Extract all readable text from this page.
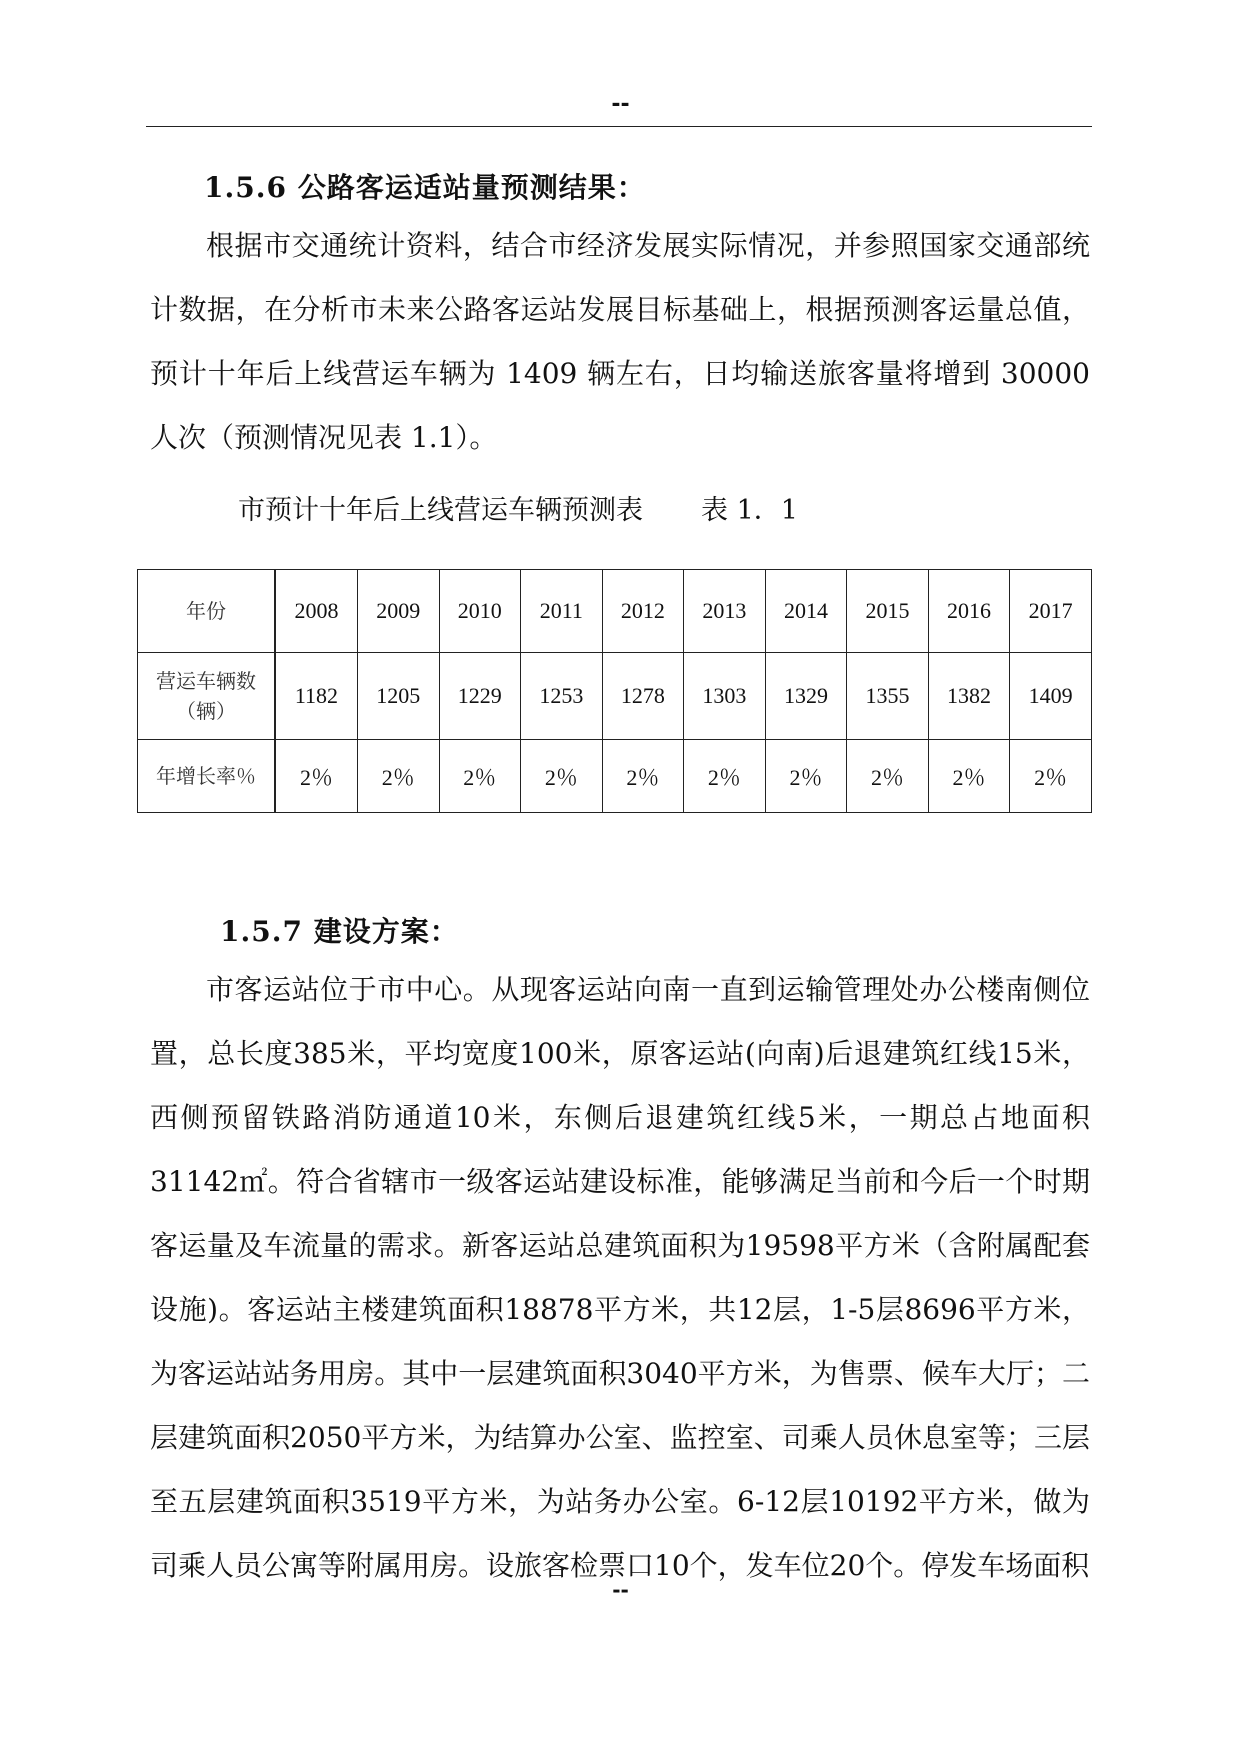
--
1.5.6 公路客运适站量预测结果：
根据市交通统计资料，结合市经济发展实际情况，并参照国家交通部统计数据，在分析市未来公路客运站发展目标基础上，根据预测客运量总值，预计十年后上线营运车辆为 1409 辆左右，日均输送旅客量将增到 30000 人次（预测情况见表 1.1）。
市预计十年后上线营运车辆预测表 表 1．1
年份	2008	2009	2010	2011	2012	2013	2014	2015	2016	2017
营运车辆数（辆）	1182	1205	1229	1253	1278	1303	1329	1355	1382	1409
年增长率％	2％	2％	2％	2％	2％	2％	2％	2％	2％	2％
1.5.7 建设方案：
市客运站位于市中心。从现客运站向南一直到运输管理处办公楼南侧位置，总长度385米，平均宽度100米，原客运站(向南)后退建筑红线15米，西侧预留铁路消防通道10米，东侧后退建筑红线5米，一期总占地面积31142㎡。符合省辖市一级客运站建设标准，能够满足当前和今后一个时期客运量及车流量的需求。新客运站总建筑面积为19598平方米（含附属配套设施)。客运站主楼建筑面积18878平方米，共12层，1-5层8696平方米，为客运站站务用房。其中一层建筑面积3040平方米，为售票、候车大厅；二层建筑面积2050平方米，为结算办公室、监控室、司乘人员休息室等；三层至五层建筑面积3519平方米，为站务办公室。6-12层10192平方米，做为司乘人员公寓等附属用房。设旅客检票口10个，发车位20个。停发车场面积
--
